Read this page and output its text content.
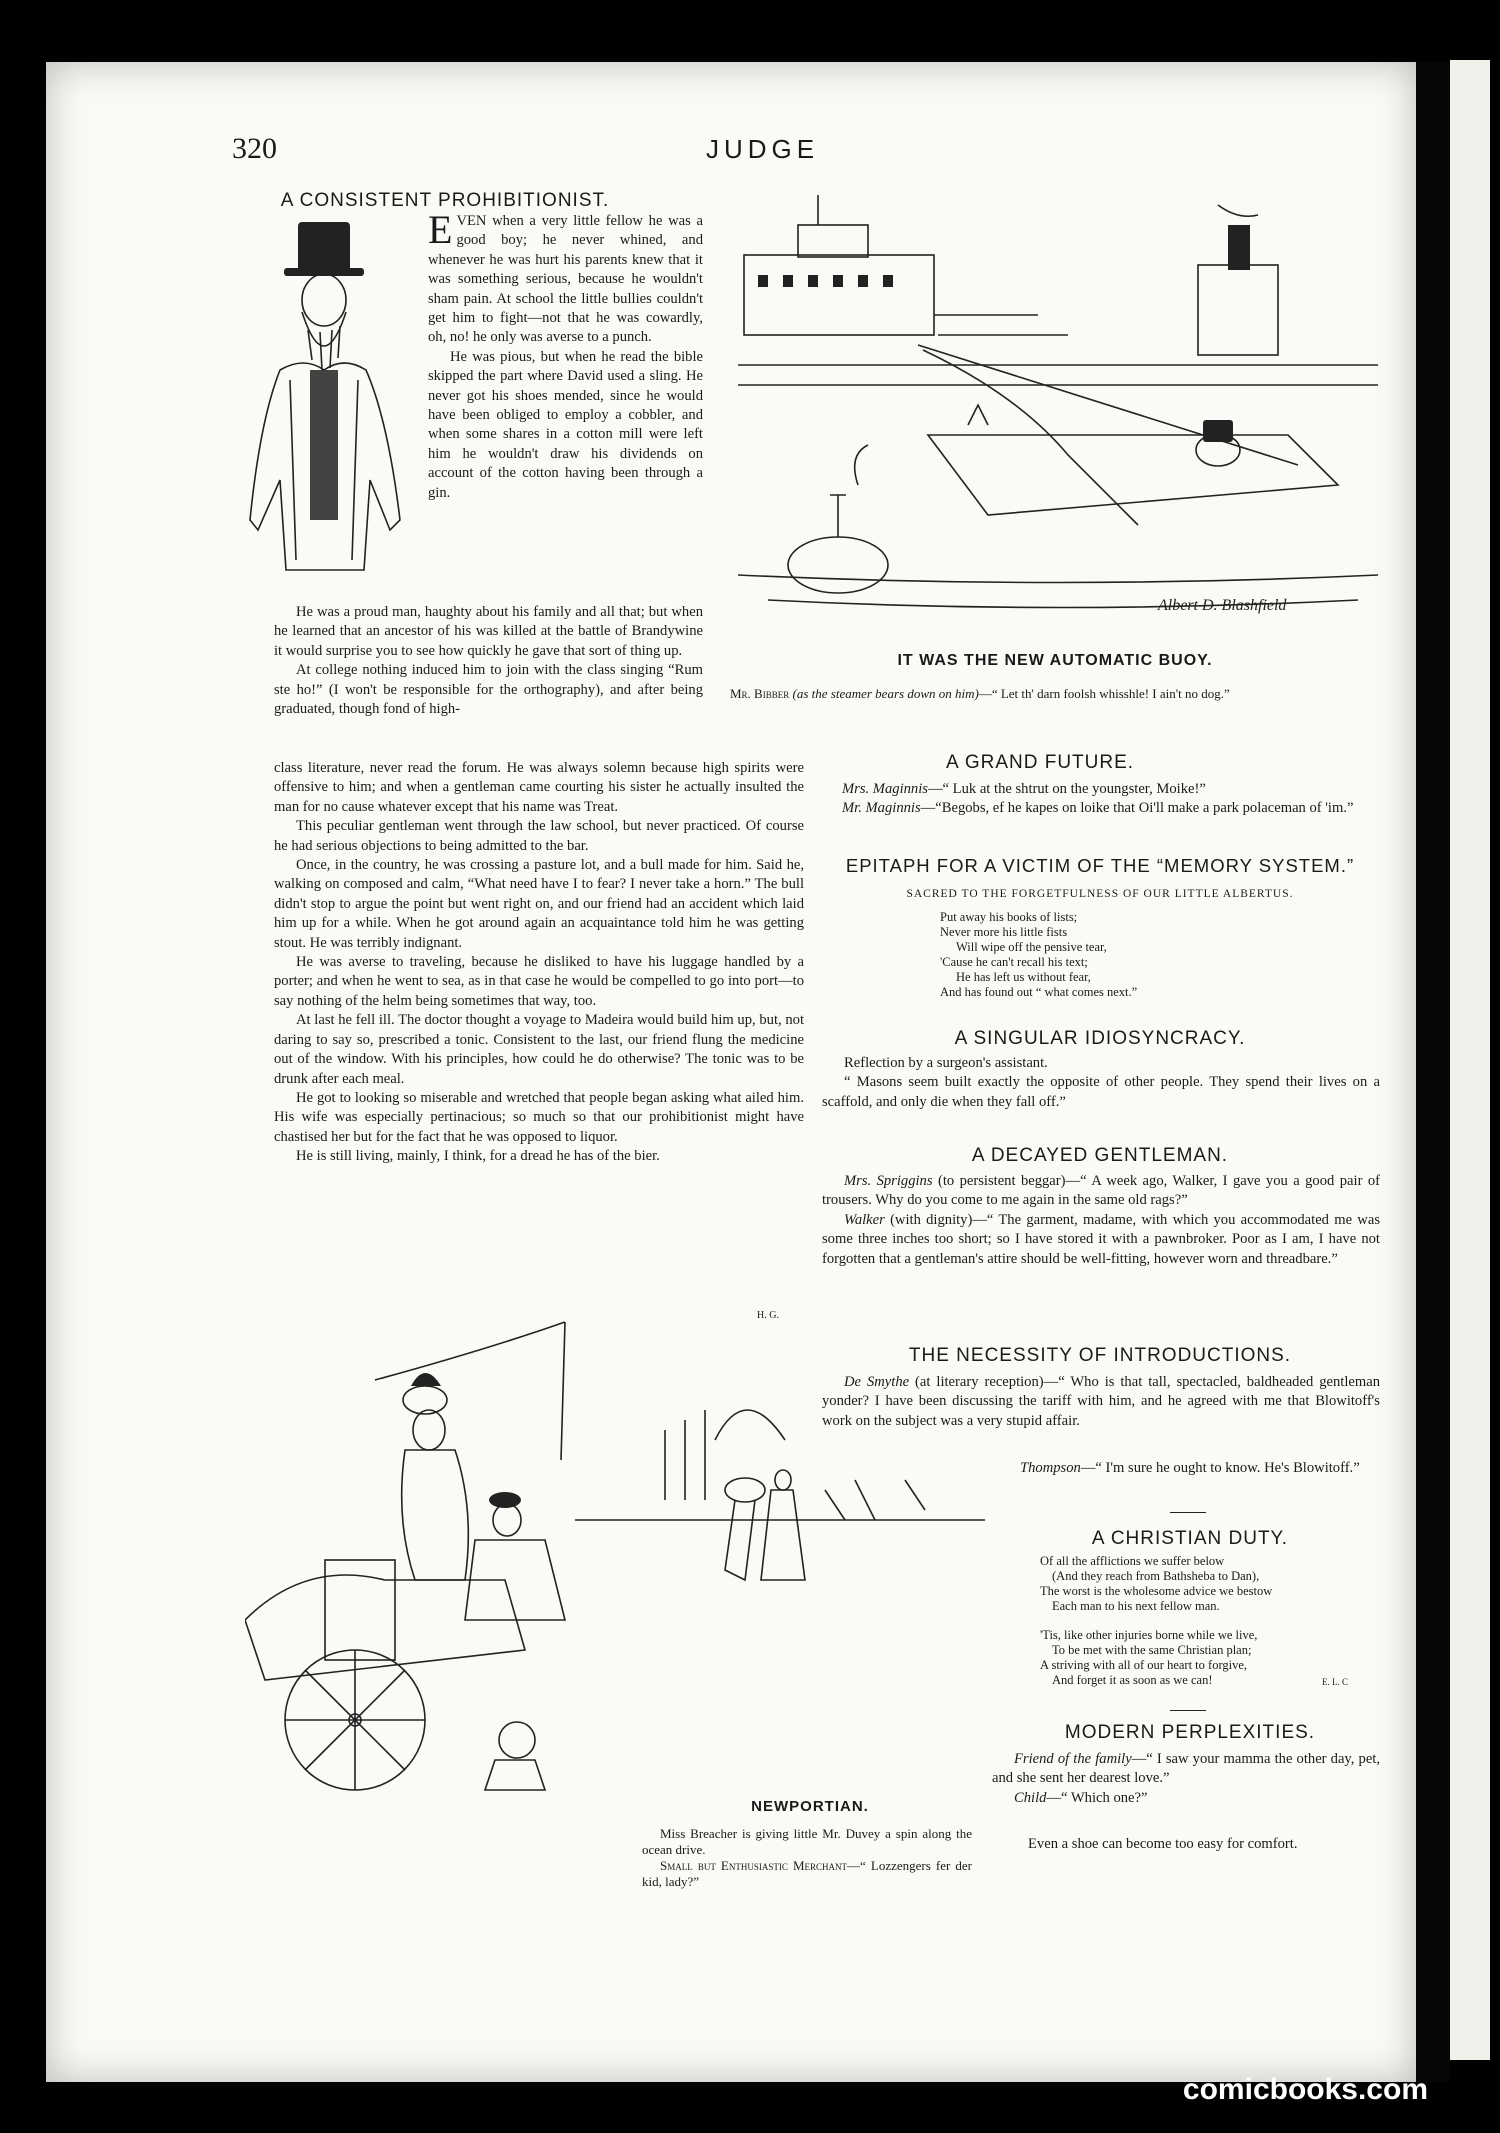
320	JUDGE
A CONSISTENT PROHIBITIONIST.

EVEN when a very little fellow he was a good boy; he never whined, and whenever he was hurt his parents knew that it was something serious, because he wouldn't sham pain. At school the little bullies couldn't get him to fight—not that he was cowardly, oh, no! he only was averse to a punch.

He was pious, but when he read the bible skipped the part where David used a sling. He never got his shoes mended, since he would have been obliged to employ a cobbler, and when some shares in a cotton mill were left him he wouldn't draw his dividends on account of the cotton having been through a gin.

He was a proud man, haughty about his family and all that; but when he learned that an ancestor of his was killed at the battle of Brandywine it would surprise you to see how quickly he gave that sort of thing up.

At college nothing induced him to join with the class singing “Rum ste ho!” (I won't be responsible for the orthography), and after being graduated, though fond of high-

class literature, never read the forum. He was always solemn because high spirits were offensive to him; and when a gentleman came courting his sister he actually insulted the man for no cause whatever except that his name was Treat.

This peculiar gentleman went through the law school, but never practiced. Of course he had serious objections to being admitted to the bar.

Once, in the country, he was crossing a pasture lot, and a bull made for him. Said he, walking on composed and calm, “What need have I to fear? I never take a horn.” The bull didn't stop to argue the point but went right on, and our friend had an accident which laid him up for a while. When he got around again an acquaintance told him he was getting stout. He was terribly indignant.

He was averse to traveling, because he disliked to have his luggage handled by a porter; and when he went to sea, as in that case he would be compelled to go into port—to say nothing of the helm being sometimes that way, too.

At last he fell ill. The doctor thought a voyage to Madeira would build him up, but, not daring to say so, prescribed a tonic. Consistent to the last, our friend flung the medicine out of the window. With his principles, how could he do otherwise? The tonic was to be drunk after each meal.

He got to looking so miserable and wretched that people began asking what ailed him. His wife was especially pertinacious; so much so that our prohibitionist might have chastised her but for the fact that he was opposed to liquor.

He is still living, mainly, I think, for a dread he has of the bier.

H. G.
Albert D. Blashfield
IT WAS THE NEW AUTOMATIC BUOY.
Mr. Bibber (as the steamer bears down on him)—“ Let th' darn foolsh whisshle! I ain't no dog.”
A GRAND FUTURE.

Mrs. Maginnis—“ Luk at the shtrut on the youngster, Moike!”

Mr. Maginnis—“Begobs, ef he kapes on loike that Oi'll make a park polaceman of 'im.”

EPITAPH FOR A VICTIM OF THE “MEMORY SYSTEM.”
SACRED TO THE FORGETFULNESS OF OUR LITTLE ALBERTUS.
Put away his books of lists;
Never more his little fists
Will wipe off the pensive tear,
'Cause he can't recall his text;
He has left us without fear,
And has found out “ what comes next.”
A SINGULAR IDIOSYNCRACY.

Reflection by a surgeon's assistant.

“ Masons seem built exactly the opposite of other people. They spend their lives on a scaffold, and only die when they fall off.”

A DECAYED GENTLEMAN.

Mrs. Spriggins (to persistent beggar)—“ A week ago, Walker, I gave you a good pair of trousers. Why do you come to me again in the same old rags?”

Walker (with dignity)—“ The garment, madame, with which you accommodated me was some three inches too short; so I have stored it with a pawnbroker. Poor as I am, I have not forgotten that a gentleman's attire should be well-fitting, however worn and threadbare.”

THE NECESSITY OF INTRODUCTIONS.

De Smythe (at literary reception)—“ Who is that tall, spectacled, baldheaded gentleman yonder? I have been discussing the tariff with him, and he agreed with me that Blowitoff's work on the subject was a very stupid affair.

Thompson—“ I'm sure he ought to know. He's Blowitoff.”

A CHRISTIAN DUTY.
Of all the afflictions we suffer below
(And they reach from Bathsheba to Dan),
The worst is the wholesome advice we bestow
Each man to his next fellow man.
'Tis, like other injuries borne while we live,
To be met with the same Christian plan;
A striving with all of our heart to forgive,
And forget it as soon as we can!	E. L. C
MODERN PERPLEXITIES.

Friend of the family—“ I saw your mamma the other day, pet, and she sent her dearest love.”

Child—“ Which one?”

Even a shoe can become too easy for comfort.
NEWPORTIAN.
Miss Breacher is giving little Mr. Duvey a spin along the ocean drive.
Small but Enthusiastic Merchant—“ Lozzengers fer der kid, lady?”
comicbooks.com
